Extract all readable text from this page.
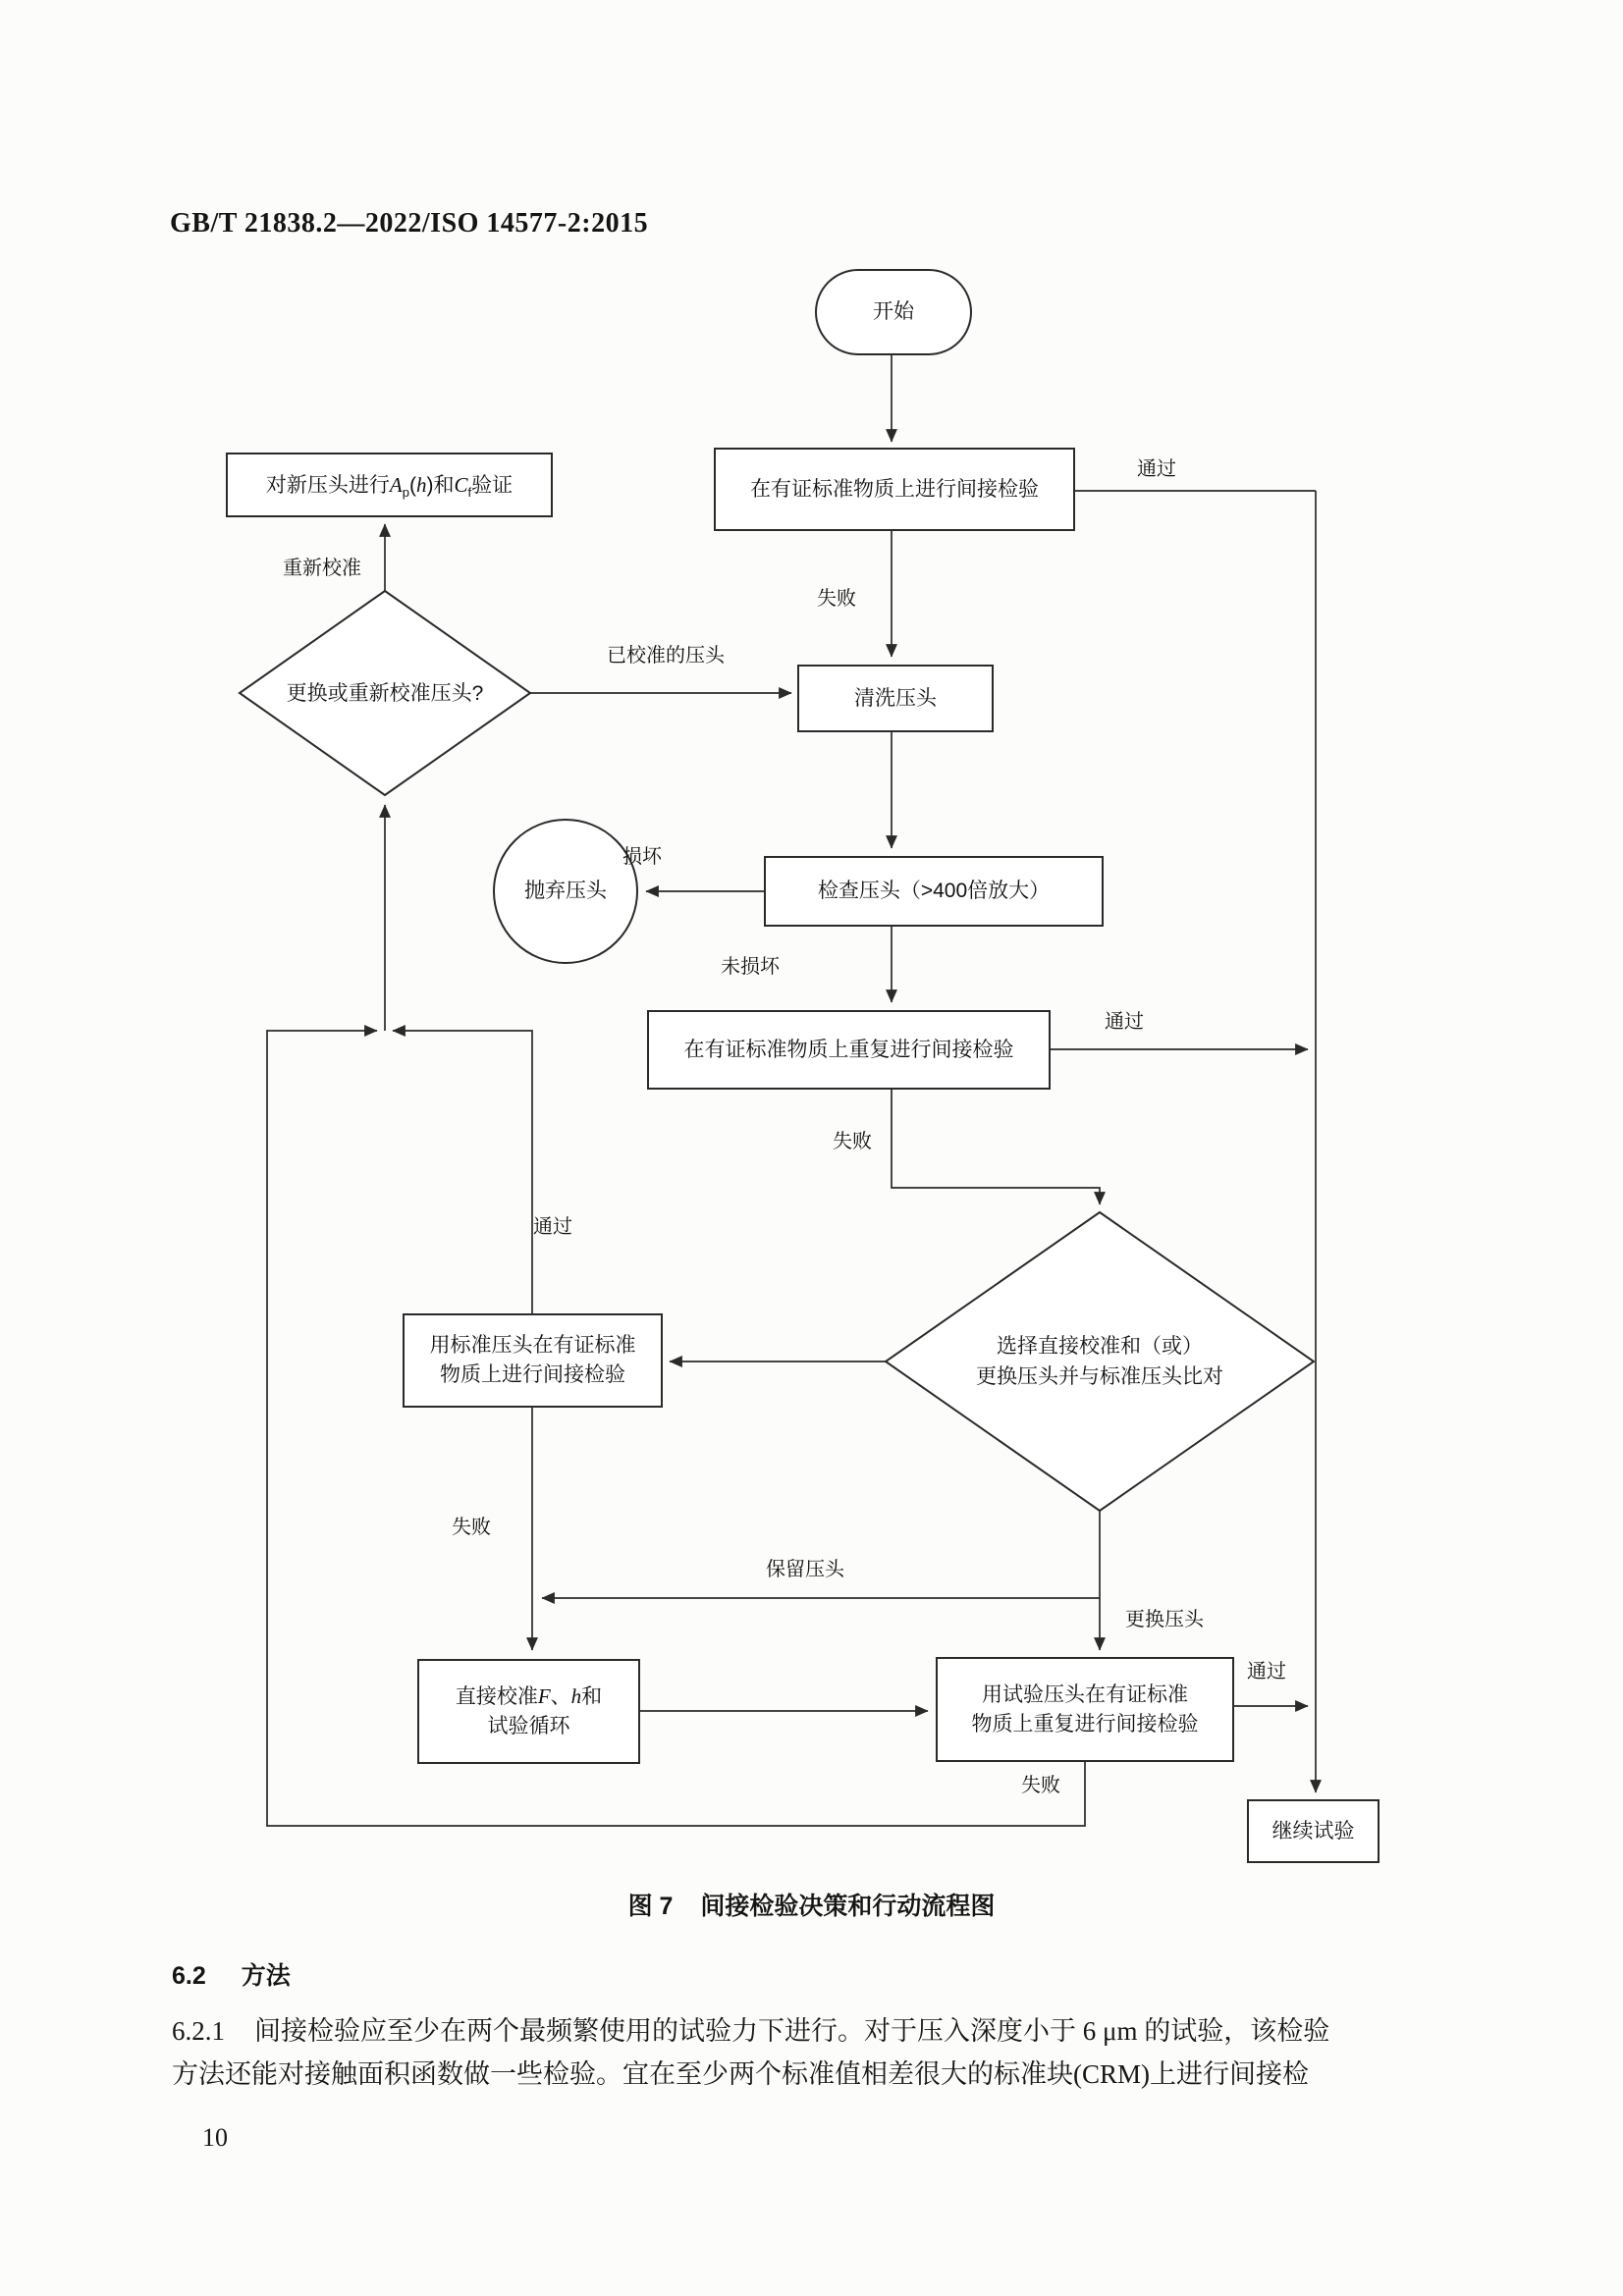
GB/T 21838.2—2022/ISO 14577-2:2015
开始
在有证标准物质上进行间接检验
对新压头进行$A_p(h)$和$C_f$验证
更换或重新校准压头?	清洗压头
抛弃压头	检查压头（>400倍放大）
在有证标准物质上重复进行间接检验
选择直接校准和（或）
更换压头并与标准压头比对
用标准压头在有证标准
物质上进行间接检验
直接校准F、h和
试验循环
用试验压头在有证标准
物质上重复进行间接检验
继续试验
通过
失败
重新校准
已校准的压头
损坏
未损坏
通过
失败
通过
失败
保留压头
更换压头
通过
失败
图 7 间接检验决策和行动流程图
6.2 方法
6.2.1 间接检验应至少在两个最频繁使用的试验力下进行。对于压入深度小于 6 μm 的试验，该检验
方法还能对接触面积函数做一些检验。宜在至少两个标准值相差很大的标准块(CRM)上进行间接检
10
